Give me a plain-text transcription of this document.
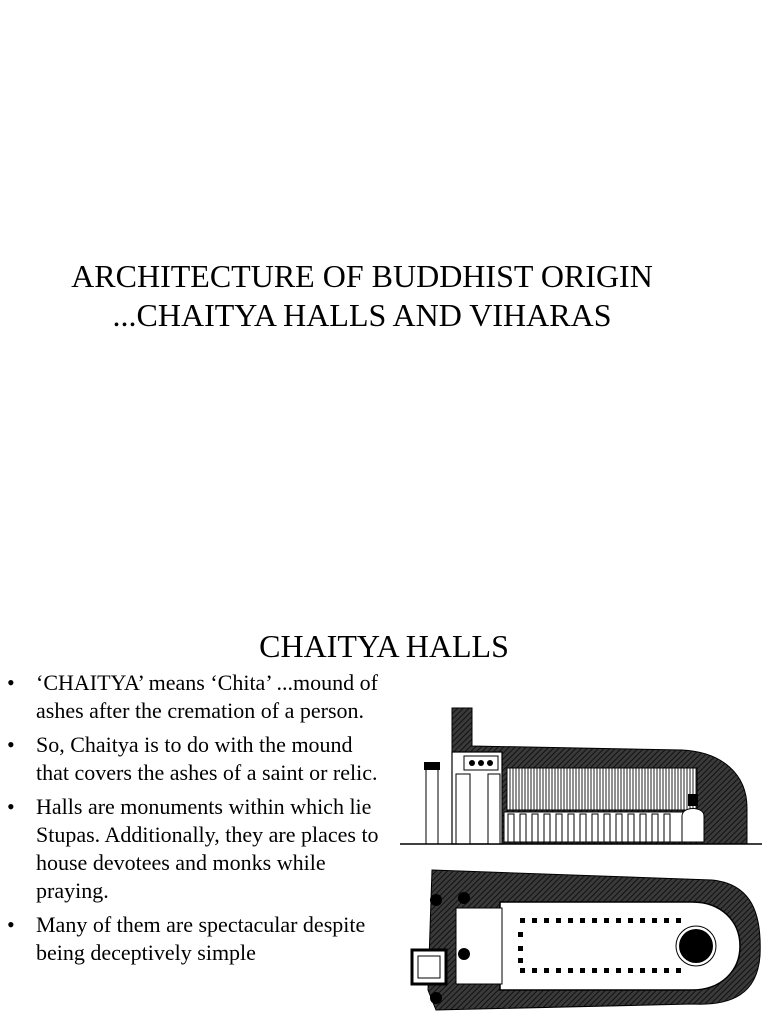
ARCHITECTURE OF BUDDHIST ORIGIN
...CHAITYA HALLS AND VIHARAS
CHAITYA HALLS
• ‘CHAITYA’ means ‘Chita’ ...mound of ashes after the cremation of a person.
• So, Chaitya is to do with the mound that covers the ashes of a saint or relic.
• Halls are monuments within which lie Stupas. Additionally, they are places to house devotees and monks while praying.
• Many of them are spectacular despite being deceptively simple
